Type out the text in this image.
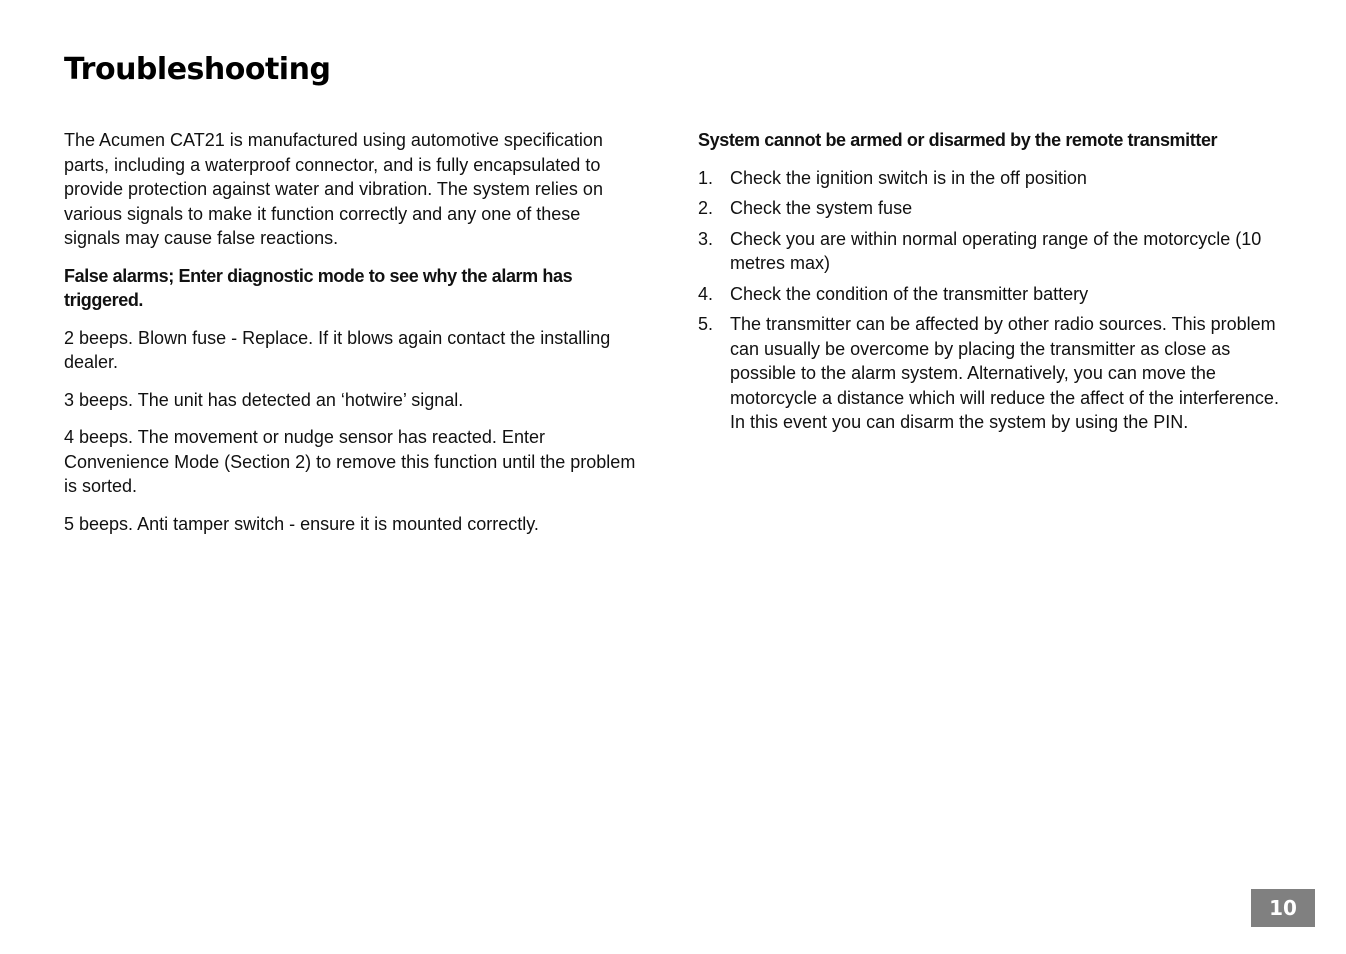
Troubleshooting

The Acumen CAT21 is manufactured using automotive specification parts, including a waterproof connector, and is fully encapsulated to provide protection against water and vibration. The system relies on various signals to make it function correctly and any one of these signals may cause false reactions.

False alarms; Enter diagnostic mode to see why the alarm has triggered.

2 beeps. Blown fuse - Replace. If it blows again contact the installing dealer.

3 beeps. The unit has detected an ‘hotwire’ signal.

4 beeps. The movement or nudge sensor has reacted. Enter Convenience Mode (Section 2) to remove this function until the problem is sorted.

5 beeps. Anti tamper switch - ensure it is mounted correctly.

System cannot be armed or disarmed by the remote transmitter

1. Check the ignition switch is in the off position
2. Check the system fuse
3. Check you are within normal operating range of the motorcycle (10 metres max)
4. Check the condition of the transmitter battery
5. The transmitter can be affected by other radio sources. This problem can usually be overcome by placing the transmitter as close as possible to the alarm system. Alternatively, you can move the motorcycle a distance which will reduce the affect of the interference. In this event you can disarm the system by using the PIN.
10
